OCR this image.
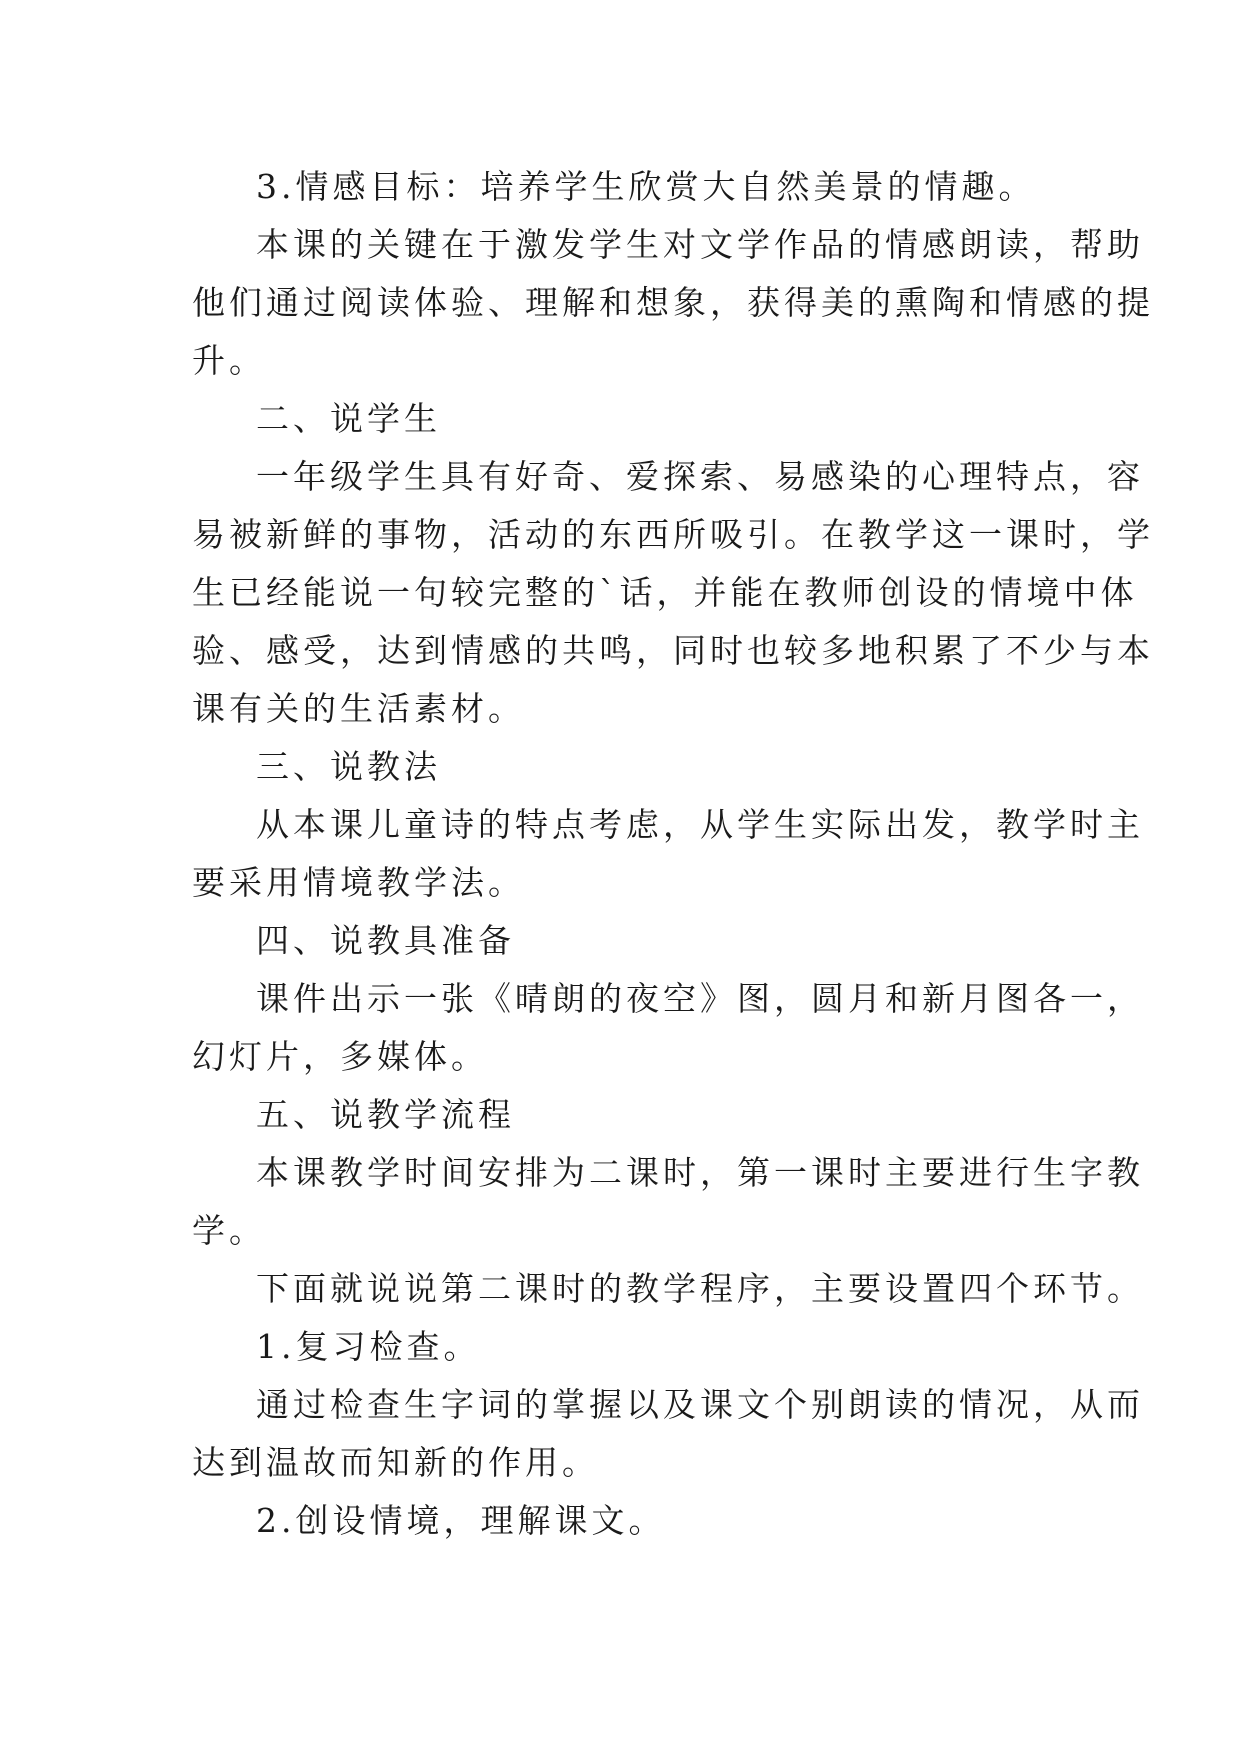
3.情感目标：培养学生欣赏大自然美景的情趣。

本课的关键在于激发学生对文学作品的情感朗读，帮助

他们通过阅读体验、理解和想象，获得美的熏陶和情感的提

升。

二、说学生

一年级学生具有好奇、爱探索、易感染的心理特点，容

易被新鲜的事物，活动的东西所吸引。在教学这一课时，学

生已经能说一句较完整的`话，并能在教师创设的情境中体

验、感受，达到情感的共鸣，同时也较多地积累了不少与本

课有关的生活素材。

三、说教法

从本课儿童诗的特点考虑，从学生实际出发，教学时主

要采用情境教学法。

四、说教具准备

课件出示一张《晴朗的夜空》图，圆月和新月图各一，

幻灯片，多媒体。

五、说教学流程

本课教学时间安排为二课时，第一课时主要进行生字教

学。

下面就说说第二课时的教学程序，主要设置四个环节。

1.复习检查。

通过检查生字词的掌握以及课文个别朗读的情况，从而

达到温故而知新的作用。

2.创设情境，理解课文。
